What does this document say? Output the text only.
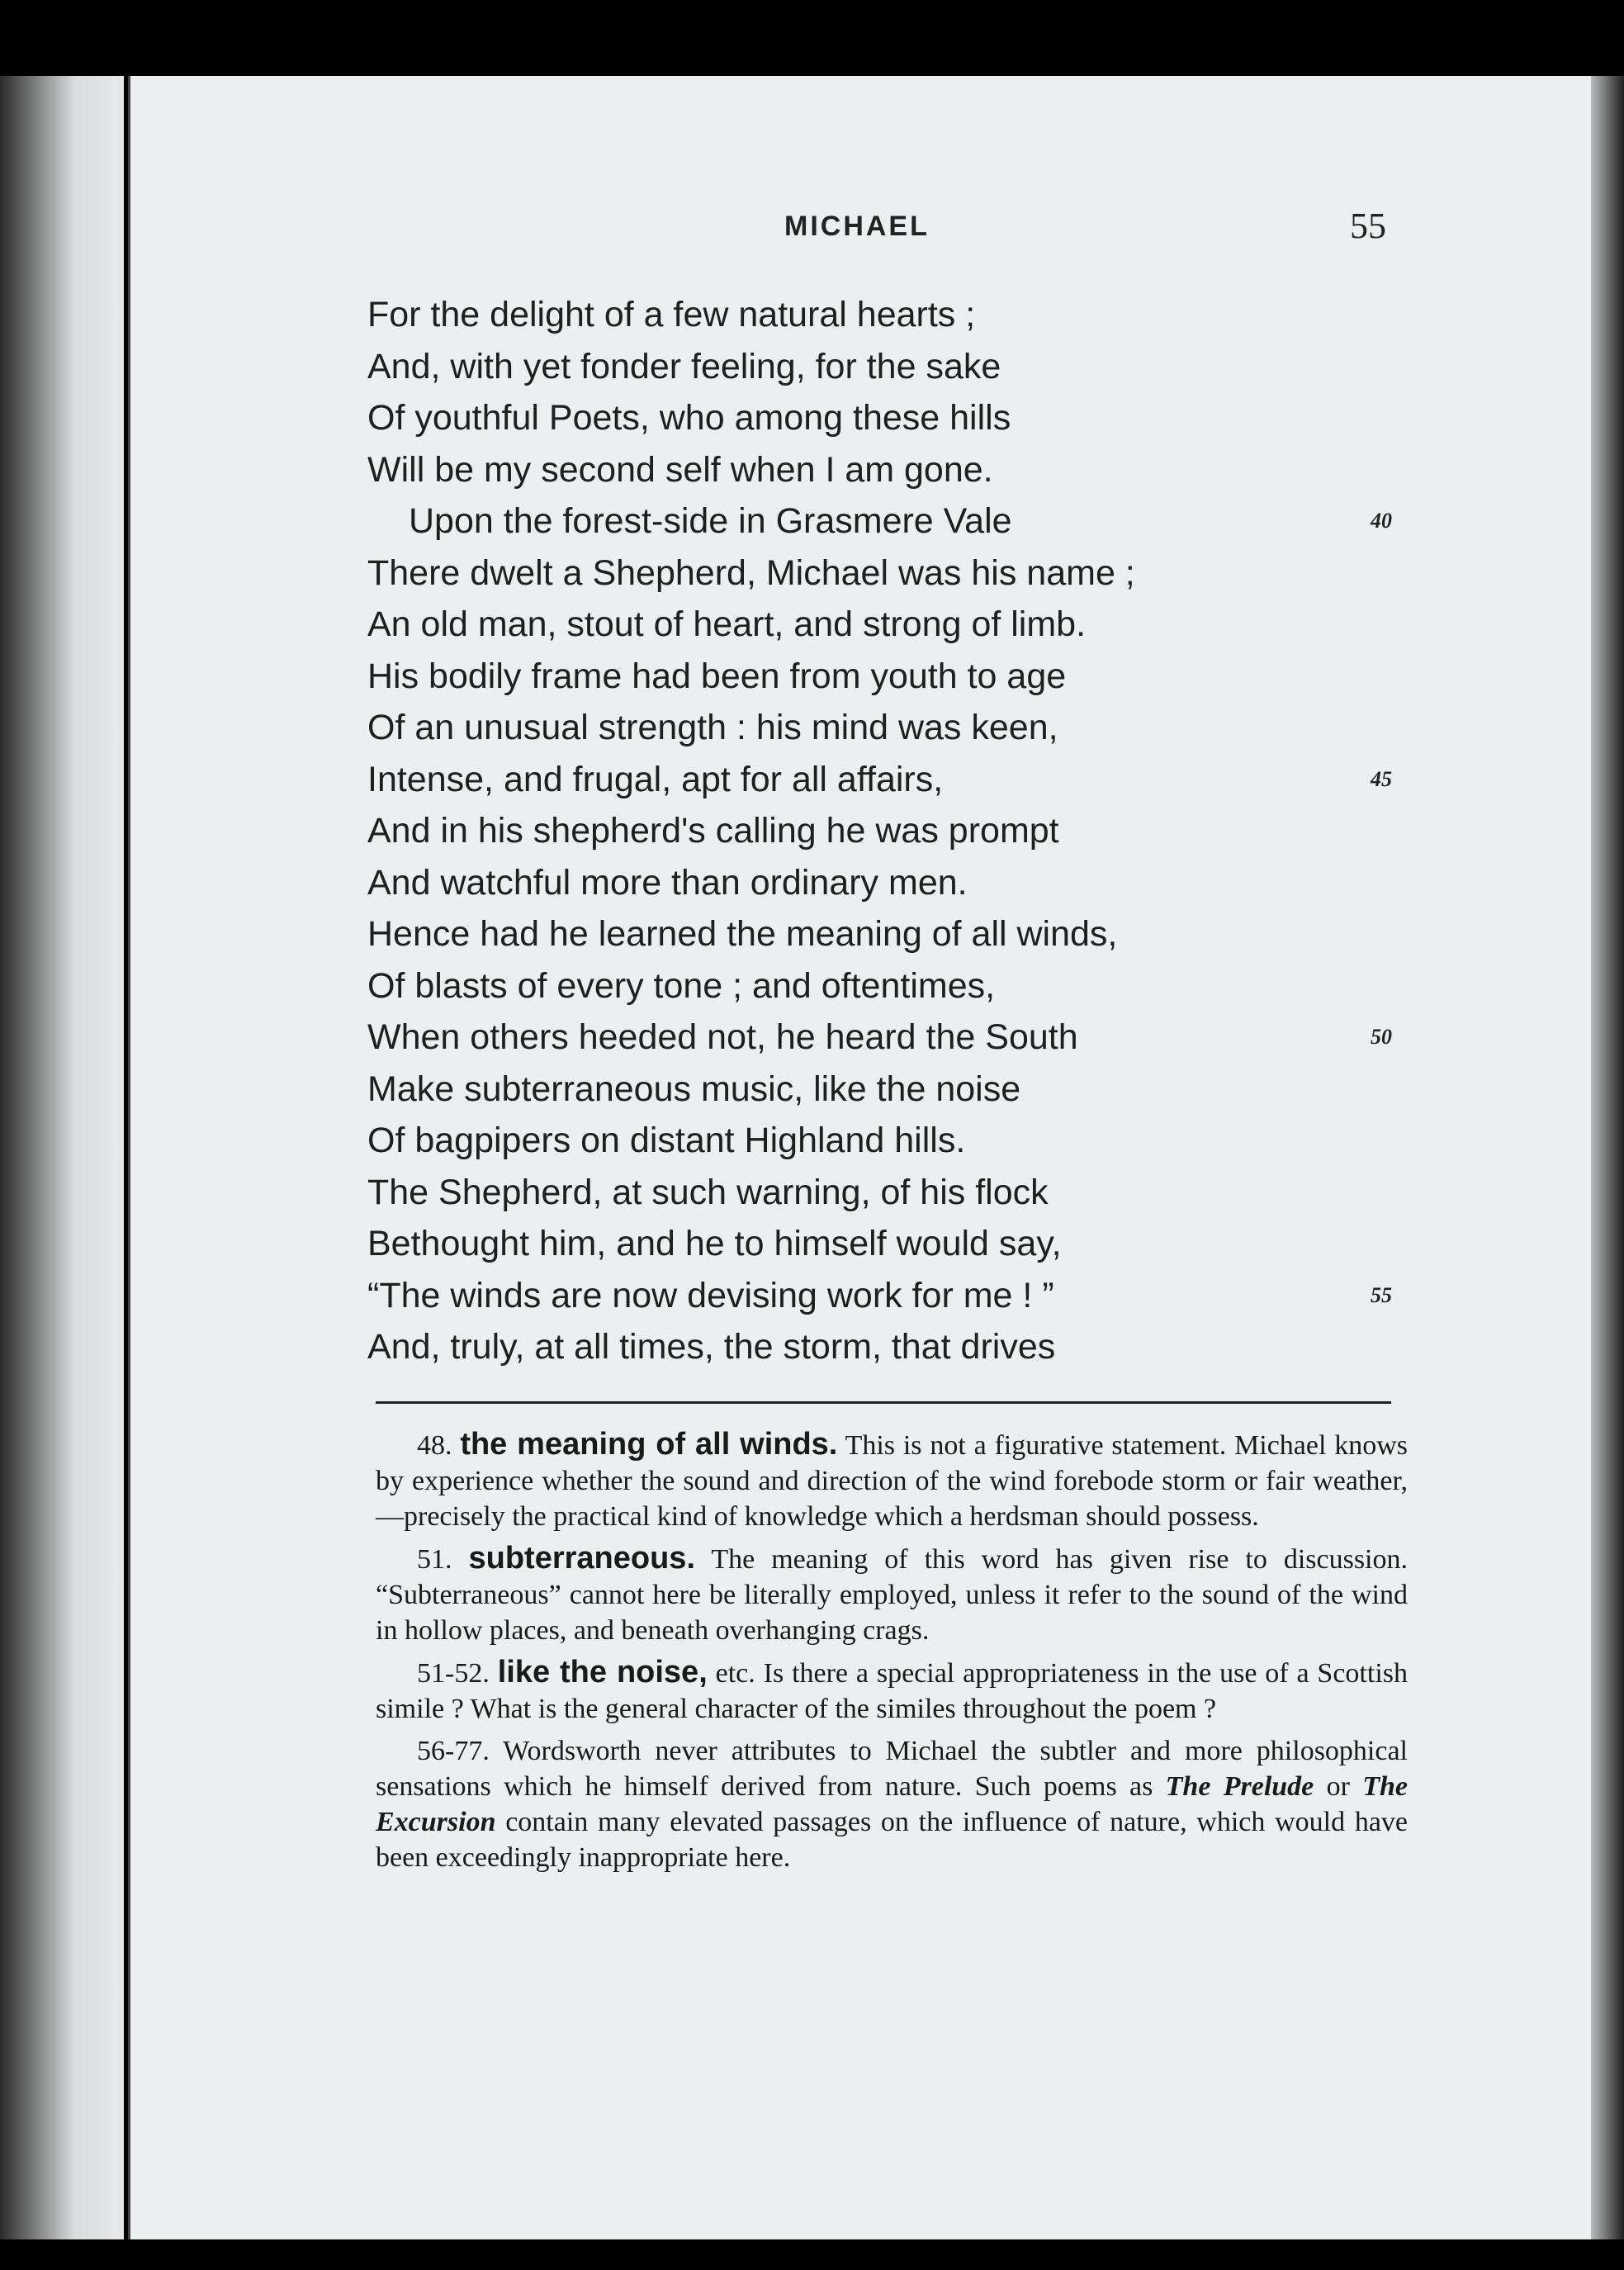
MICHAEL	55
For the delight of a few natural hearts ;
And, with yet fonder feeling, for the sake
Of youthful Poets, who among these hills
Will be my second self when I am gone.
Upon the forest-side in Grasmere Vale	40
There dwelt a Shepherd, Michael was his name ;
An old man, stout of heart, and strong of limb.
His bodily frame had been from youth to age
Of an unusual strength : his mind was keen,
Intense, and frugal, apt for all affairs,	45
And in his shepherd's calling he was prompt
And watchful more than ordinary men.
Hence had he learned the meaning of all winds,
Of blasts of every tone ; and oftentimes,
When others heeded not, he heard the South	50
Make subterraneous music, like the noise
Of bagpipers on distant Highland hills.
The Shepherd, at such warning, of his flock
Bethought him, and he to himself would say,
“The winds are now devising work for me ! ”	55
And, truly, at all times, the storm, that drives
48. the meaning of all winds. This is not a figurative statement. Michael knows by experience whether the sound and direction of the wind forebode storm or fair weather,—precisely the practical kind of knowledge which a herdsman should possess.
51. subterraneous. The meaning of this word has given rise to discussion. “Subterraneous” cannot here be literally employed, unless it refer to the sound of the wind in hollow places, and beneath overhanging crags.
51-52. like the noise, etc. Is there a special appropriateness in the use of a Scottish simile ? What is the general character of the similes throughout the poem ?
56-77. Wordsworth never attributes to Michael the subtler and more philosophical sensations which he himself derived from nature. Such poems as The Prelude or The Excursion contain many elevated passages on the influence of nature, which would have been exceedingly inappropriate here.
